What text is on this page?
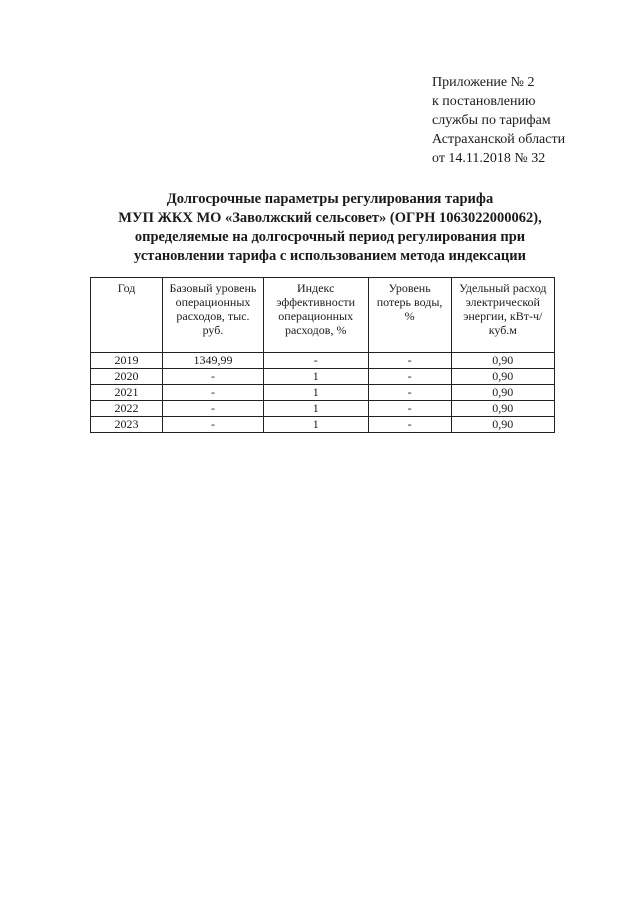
Приложение № 2
к постановлению
службы по тарифам
Астраханской области
от 14.11.2018 № 32
Долгосрочные параметры регулирования тарифа
МУП ЖКХ МО «Заволжский сельсовет» (ОГРН 1063022000062),
определяемые на долгосрочный период регулирования при
установлении тарифа с использованием метода индексации
Год	Базовый уровень операционных расходов, тыс. руб.	Индекс эффективности операционных расходов, %	Уровень потерь воды, %	Удельный расход электрической энергии, кВт-ч/куб.м
2019	1349,99	-	-	0,90
2020	-	1	-	0,90
2021	-	1	-	0,90
2022	-	1	-	0,90
2023	-	1	-	0,90
